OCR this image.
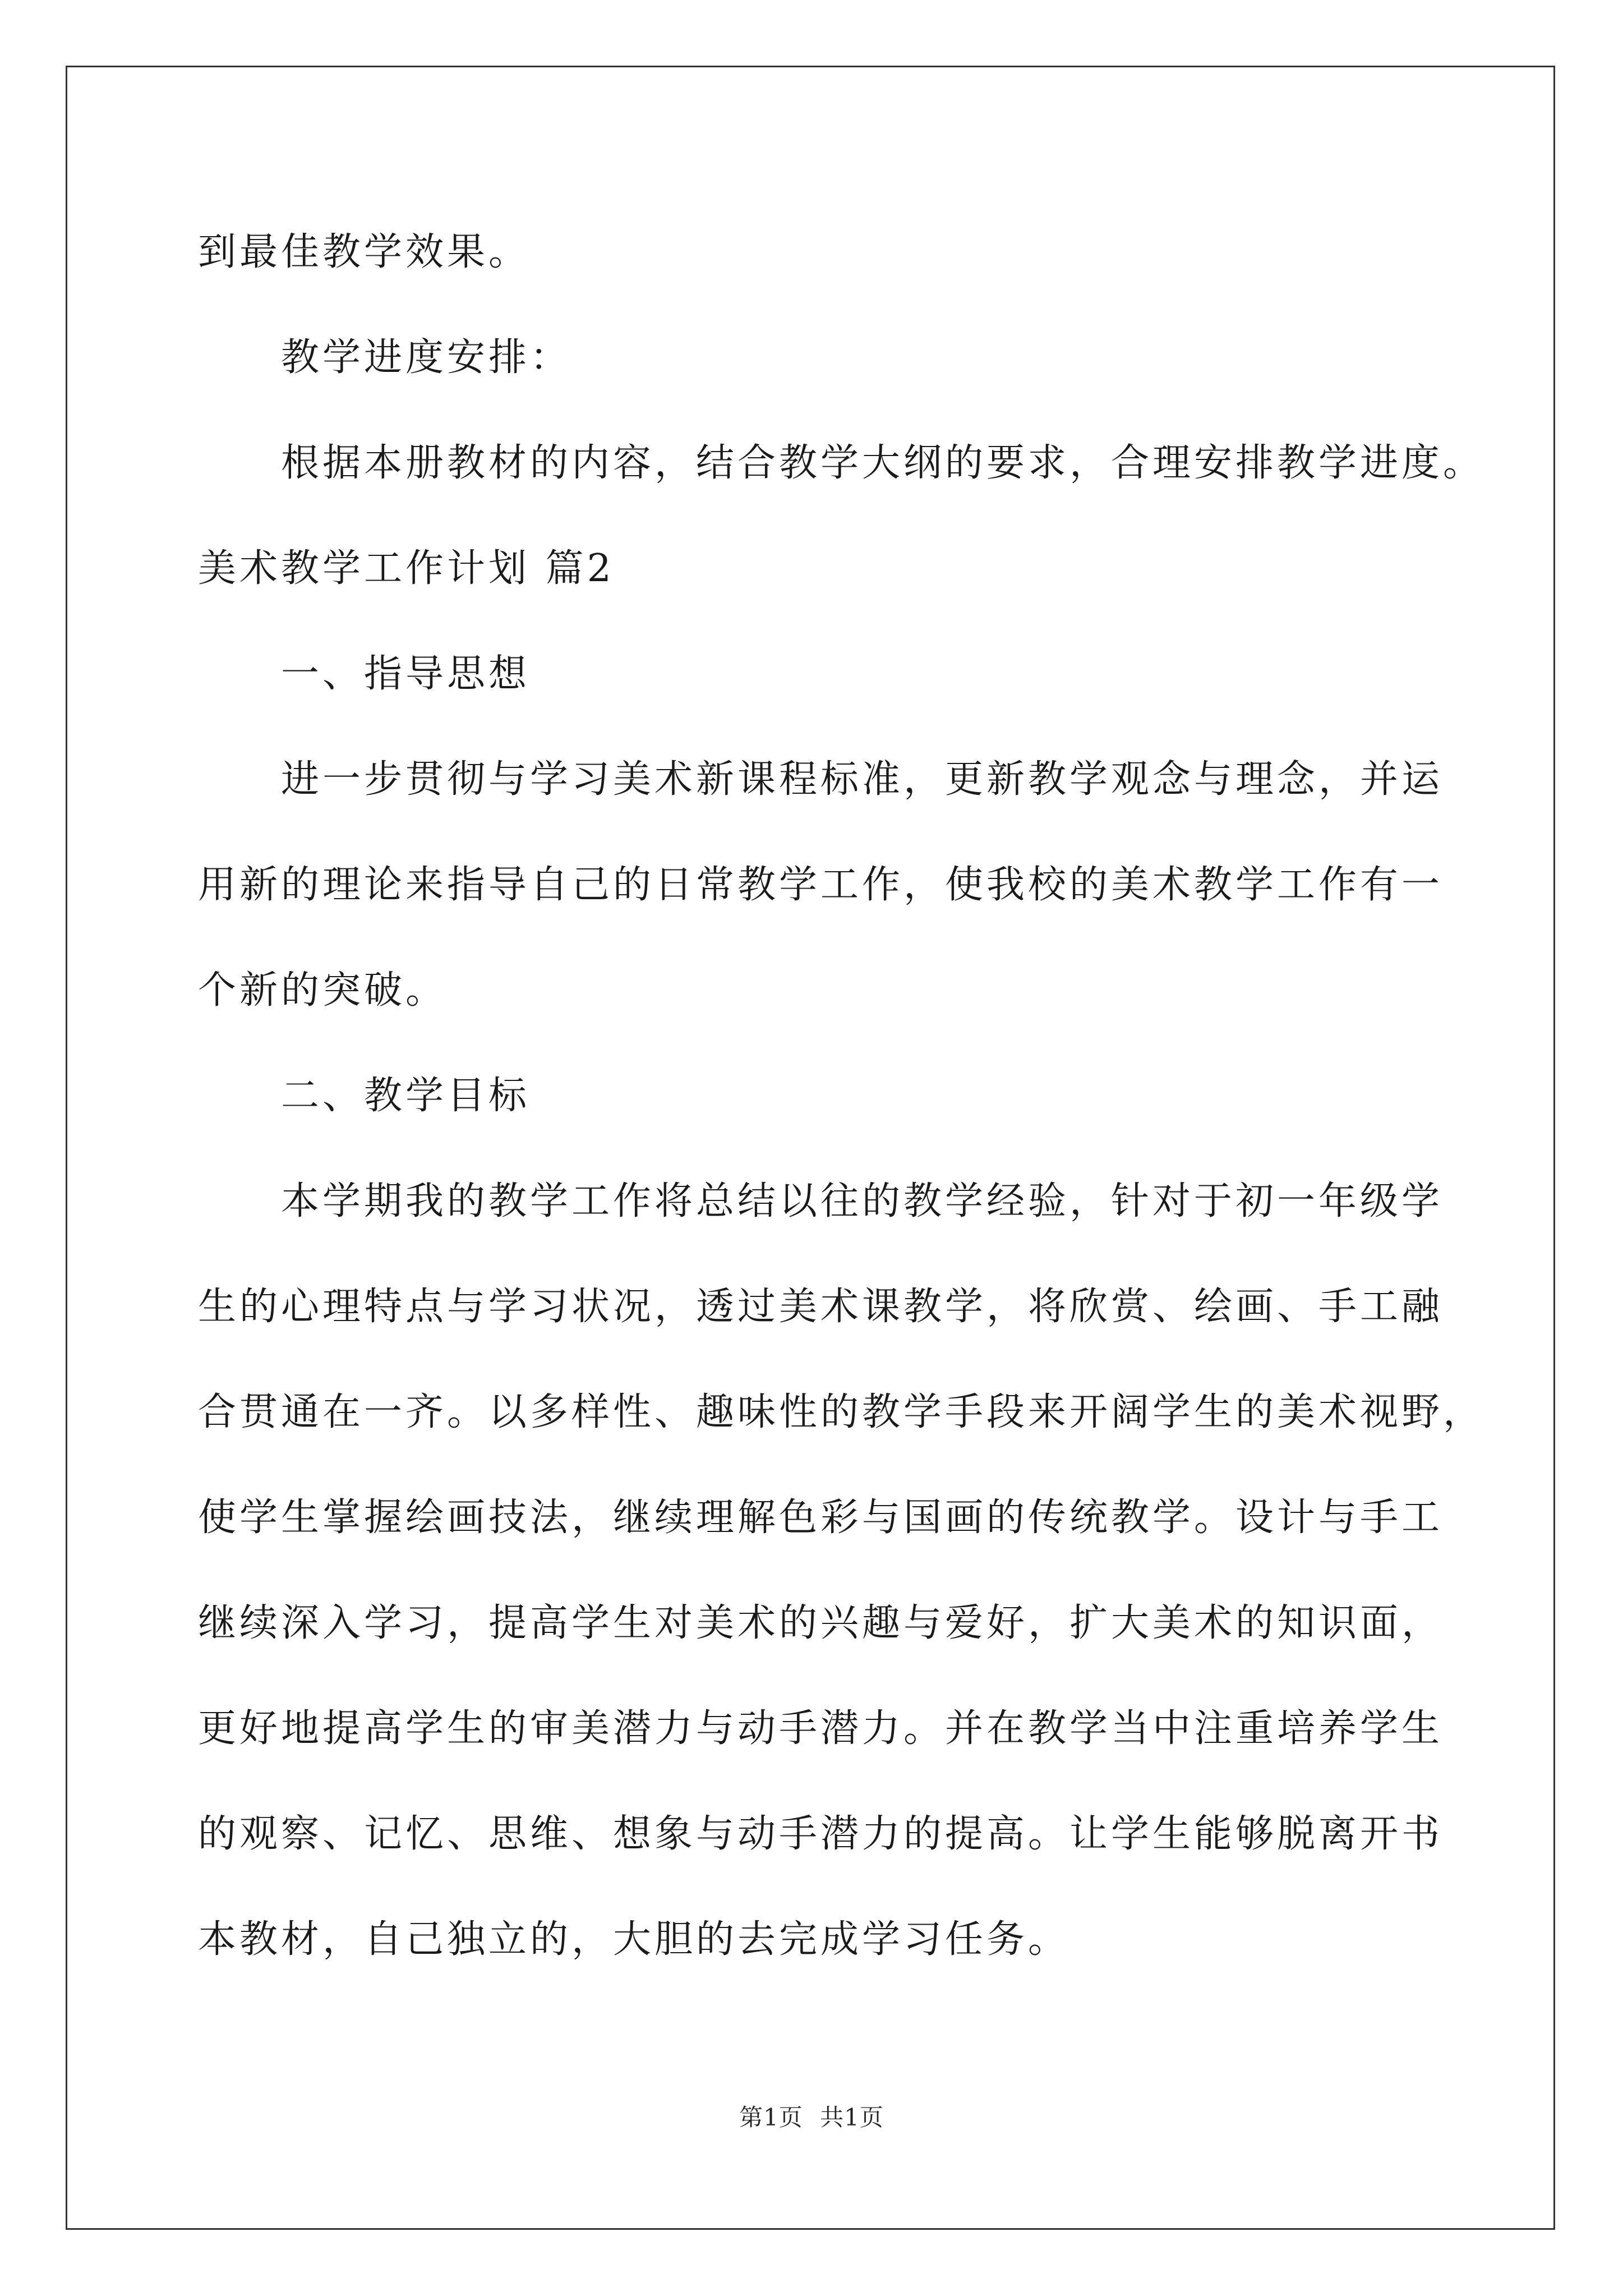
到最佳教学效果。
教学进度安排：
根据本册教材的内容，结合教学大纲的要求，合理安排教学进度。
美术教学工作计划 篇2
一、指导思想
进一步贯彻与学习美术新课程标准，更新教学观念与理念，并运
用新的理论来指导自己的日常教学工作，使我校的美术教学工作有一
个新的突破。
二、教学目标
本学期我的教学工作将总结以往的教学经验，针对于初一年级学
生的心理特点与学习状况，透过美术课教学，将欣赏、绘画、手工融
合贯通在一齐。以多样性、趣味性的教学手段来开阔学生的美术视野，
使学生掌握绘画技法，继续理解色彩与国画的传统教学。设计与手工
继续深入学习，提高学生对美术的兴趣与爱好，扩大美术的知识面，
更好地提高学生的审美潜力与动手潜力。并在教学当中注重培养学生
的观察、记忆、思维、想象与动手潜力的提高。让学生能够脱离开书
本教材，自己独立的，大胆的去完成学习任务。
第1页 共1页
